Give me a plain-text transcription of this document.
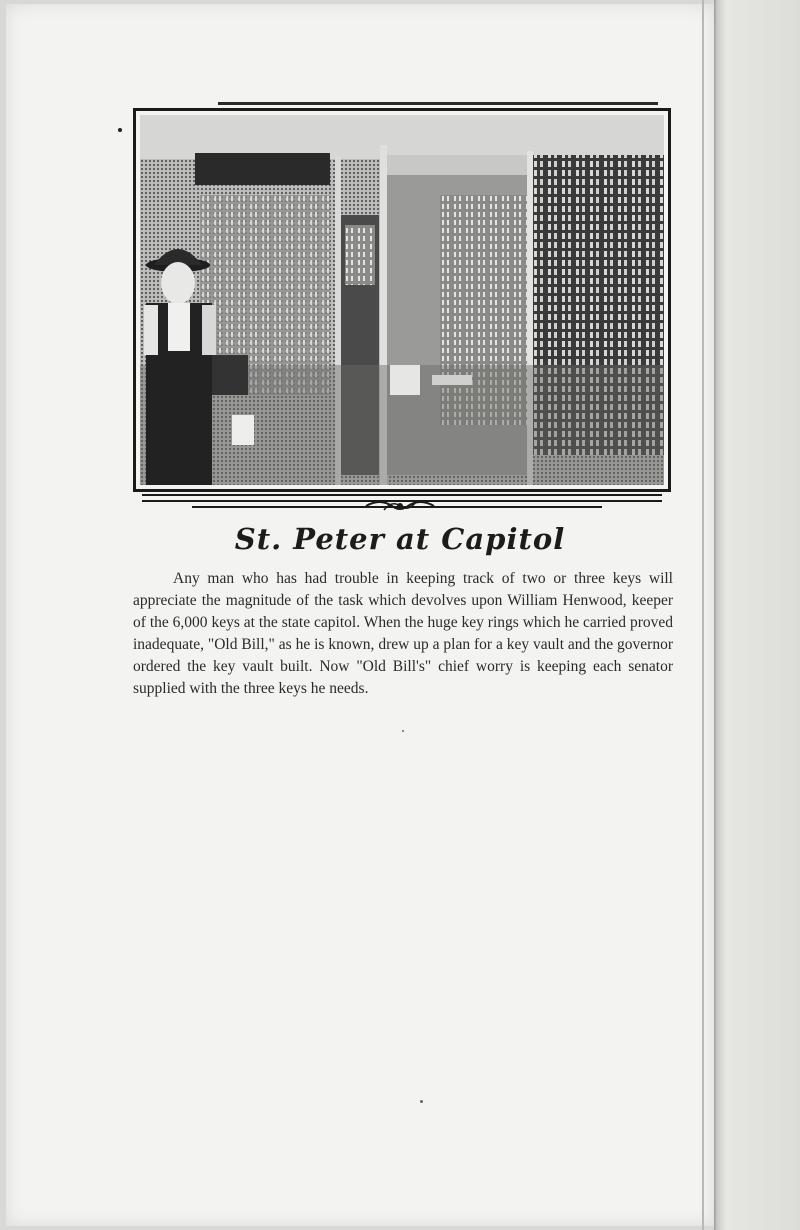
St. Peter at Capitol

Any man who has had trouble in keeping track of two or three keys will appreciate the magnitude of the task which devolves upon William Henwood, keeper of the 6,000 keys at the state capitol. When the huge key rings which he carried proved inadequate, "Old Bill," as he is known, drew up a plan for a key vault and the governor ordered the key vault built. Now "Old Bill's" chief worry is keeping each senator supplied with the three keys he needs.
